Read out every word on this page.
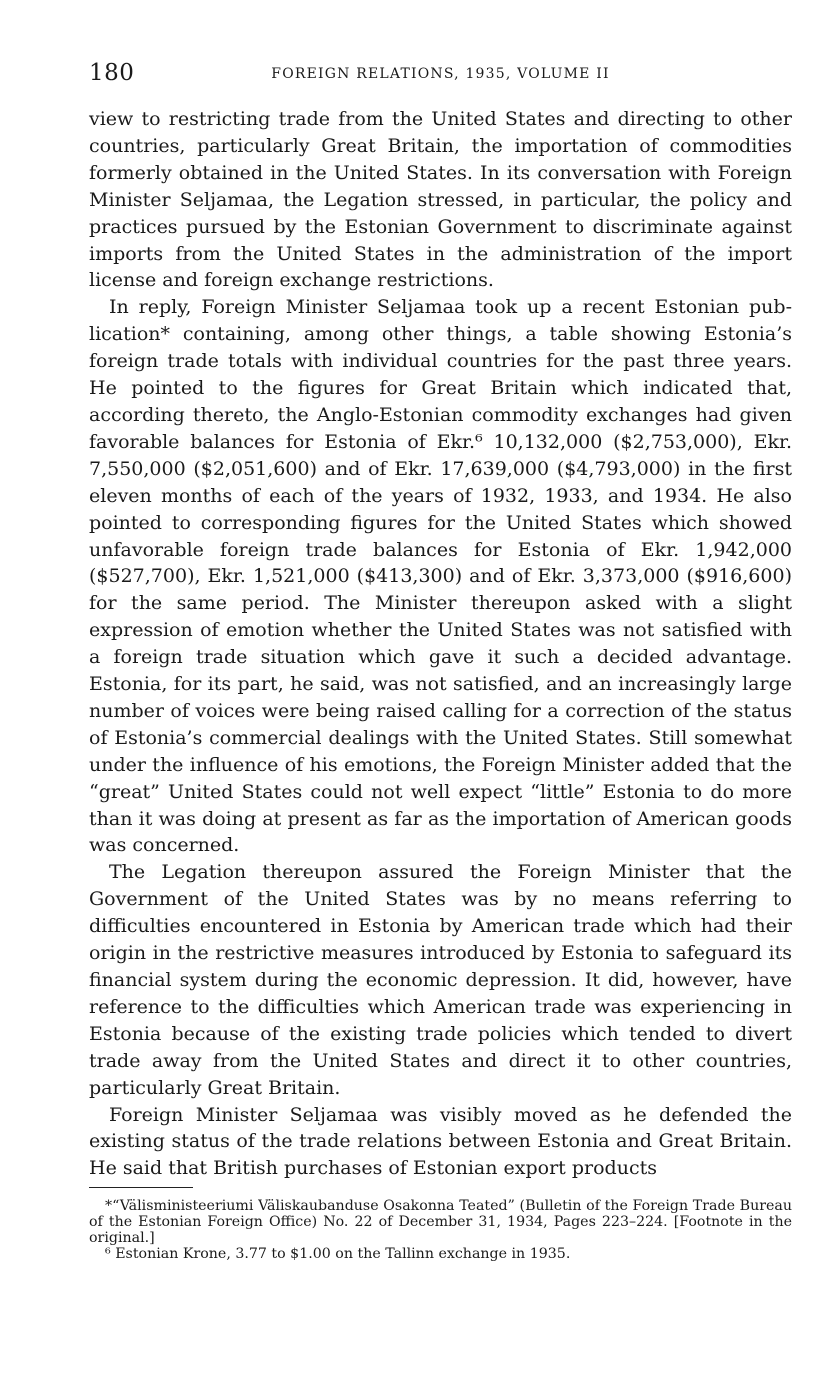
180	FOREIGN RELATIONS, 1935, VOLUME II

view to restricting trade from the United States and directing to other countries, particularly Great Britain, the importation of commodities formerly obtained in the United States. In its conversation with Foreign Minister Seljamaa, the Legation stressed, in particular, the policy and practices pursued by the Estonian Government to discriminate against imports from the United States in the administration of the import license and foreign exchange restrictions.

In reply, Foreign Minister Seljamaa took up a recent Estonian publication* containing, among other things, a table showing Estonia’s foreign trade totals with individual countries for the past three years. He pointed to the figures for Great Britain which indicated that, according thereto, the Anglo-Estonian commodity exchanges had given favorable balances for Estonia of Ekr.⁶ 10,132,000 ($2,753,000), Ekr. 7,550,000 ($2,051,600) and of Ekr. 17,639,000 ($4,793,000) in the first eleven months of each of the years of 1932, 1933, and 1934. He also pointed to corresponding figures for the United States which showed unfavorable foreign trade balances for Estonia of Ekr. 1,942,000 ($527,700), Ekr. 1,521,000 ($413,300) and of Ekr. 3,373,000 ($916,600) for the same period. The Minister thereupon asked with a slight expression of emotion whether the United States was not satisfied with a foreign trade situation which gave it such a decided advantage. Estonia, for its part, he said, was not satisfied, and an increasingly large number of voices were being raised calling for a correction of the status of Estonia’s commercial dealings with the United States. Still somewhat under the influence of his emotions, the Foreign Minister added that the “great” United States could not well expect “little” Estonia to do more than it was doing at present as far as the importation of American goods was concerned.

The Legation thereupon assured the Foreign Minister that the Government of the United States was by no means referring to difficulties encountered in Estonia by American trade which had their origin in the restrictive measures introduced by Estonia to safeguard its financial system during the economic depression. It did, however, have reference to the difficulties which American trade was experiencing in Estonia because of the existing trade policies which tended to divert trade away from the United States and direct it to other countries, particularly Great Britain.

Foreign Minister Seljamaa was visibly moved as he defended the existing status of the trade relations between Estonia and Great Britain. He said that British purchases of Estonian export products

*“Välisministeeriumi Väliskaubanduse Osakonna Teated” (Bulletin of the Foreign Trade Bureau of the Estonian Foreign Office) No. 22 of December 31, 1934, Pages 223–224. [Footnote in the original.]

⁶ Estonian Krone, 3.77 to $1.00 on the Tallinn exchange in 1935.
